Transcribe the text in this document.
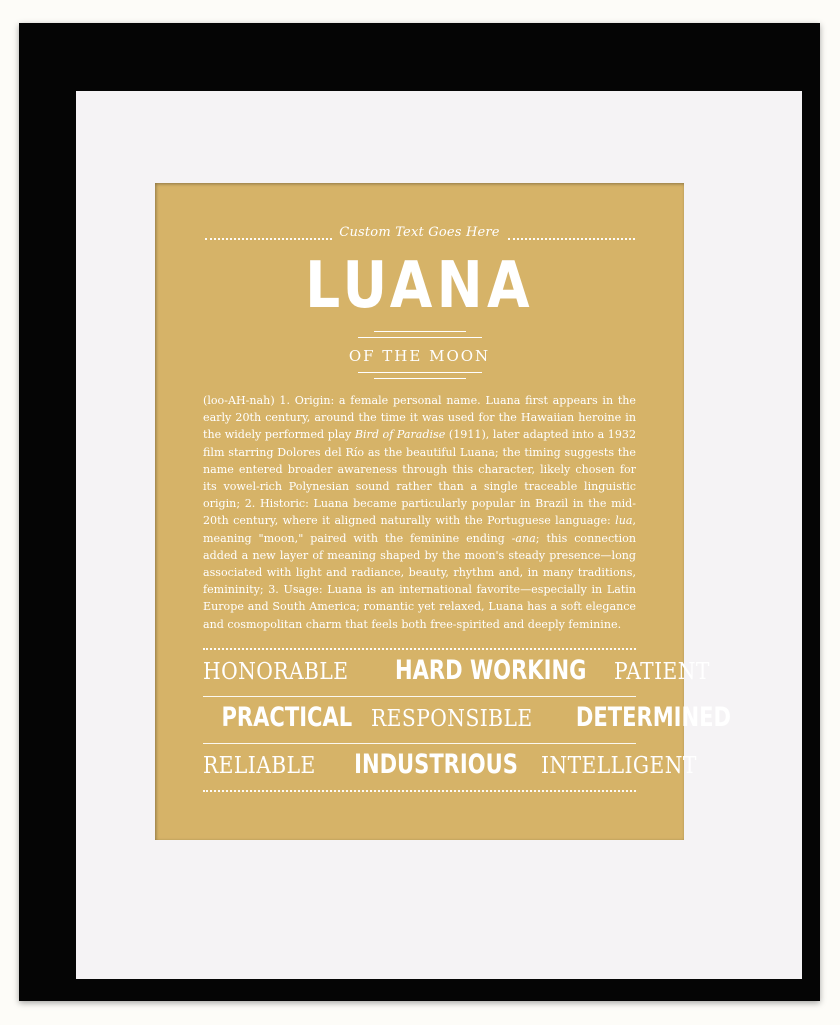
Custom Text Goes Here
LUANA
OF THE MOON
(loo-AH-nah) 1. Origin: a female personal name. Luana first appears in the early 20th century, around the time it was used for the Hawaiian heroine in the widely performed play Bird of Paradise (1911), later adapted into a 1932 film starring Dolores del Río as the beautiful Luana; the timing suggests the name entered broader awareness through this character, likely chosen for its vowel-rich Polynesian sound rather than a single traceable linguistic origin; 2. Historic: Luana became particularly popular in Brazil in the mid-20th century, where it aligned naturally with the Portuguese language: lua, meaning "moon," paired with the feminine ending -ana; this connection added a new layer of meaning shaped by the moon's steady presence—long associated with light and radiance, beauty, rhythm and, in many traditions, femininity; 3. Usage: Luana is an international favorite—especially in Latin Europe and South America; romantic yet relaxed, Luana has a soft elegance and cosmopolitan charm that feels both free-spirited and deeply feminine.
HONORABLE HARD WORKING PATIENT
PRACTICAL RESPONSIBLE DETERMINED
RELIABLE INDUSTRIOUS INTELLIGENT
